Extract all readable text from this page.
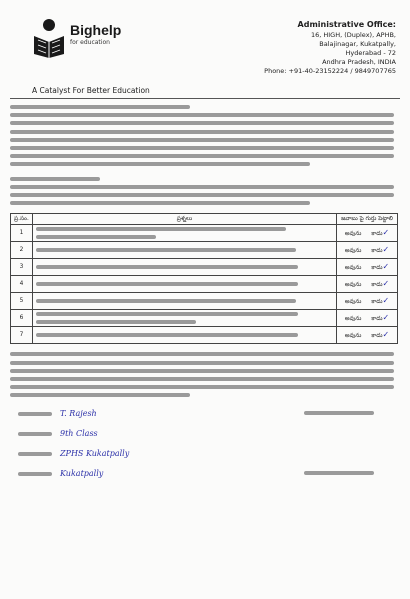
Bighelp
for education
A Catalyst For Better Education
Administrative Office:
16, HIGH, (Duplex), APHB,
Balajinagar, Kukatpally,
Hyderabad - 72
Andhra Pradesh, INDIA
Phone: +91-40-23152224 / 9849707765
ప్ర.సం.	ప్రశ్నలు	జవాబు పై గుర్తు పెట్టాలి
1		అవును కాదు✓
2		అవును కాదు✓
3		అవును కాదు✓
4		అవును కాదు✓
5		అవును కాదు✓
6		అవును కాదు✓
7		అవును కాదు✓
T. Rajesh
9th Class
ZPHS Kukatpally
Kukatpally
